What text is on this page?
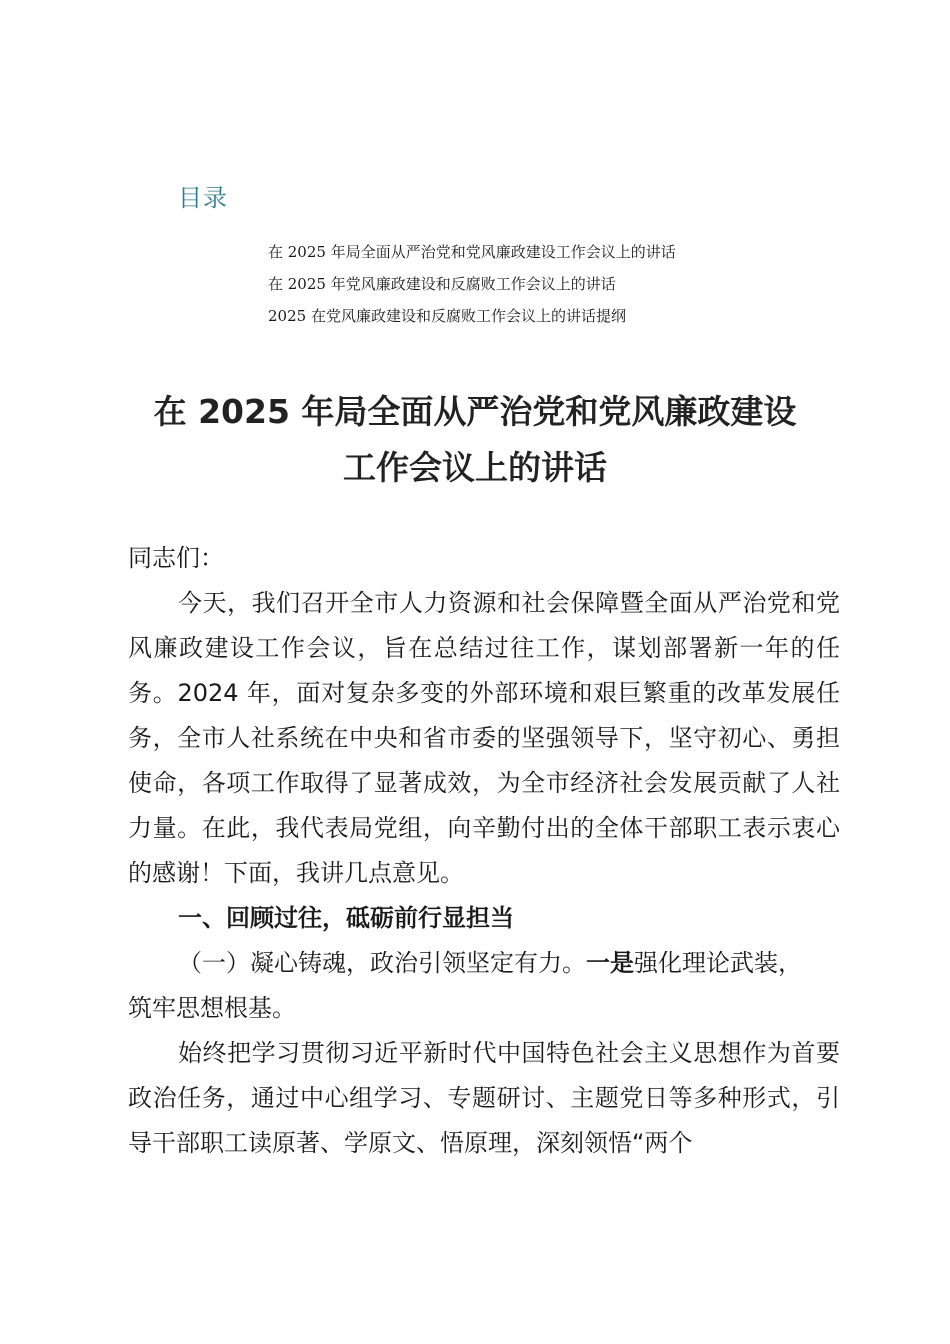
目录
在 2025 年局全面从严治党和党风廉政建设工作会议上的讲话
在 2025 年党风廉政建设和反腐败工作会议上的讲话
2025 在党风廉政建设和反腐败工作会议上的讲话提纲
在 2025 年局全面从严治党和党风廉政建设
工作会议上的讲话

同志们：

今天，我们召开全市人力资源和社会保障暨全面从严治党和党风廉政建设工作会议，旨在总结过往工作，谋划部署新一年的任务。2024 年，面对复杂多变的外部环境和艰巨繁重的改革发展任务，全市人社系统在中央和省市委的坚强领导下，坚守初心、勇担使命，各项工作取得了显著成效，为全市经济社会发展贡献了人社力量。在此，我代表局党组，向辛勤付出的全体干部职工表示衷心的感谢！下面，我讲几点意见。

一、回顾过往，砥砺前行显担当

（一）凝心铸魂，政治引领坚定有力。一是强化理论武装，

筑牢思想根基。

始终把学习贯彻习近平新时代中国特色社会主义思想作为首要政治任务，通过中心组学习、专题研讨、主题党日等多种形式，引导干部职工读原著、学原文、悟原理，深刻领悟“两个
